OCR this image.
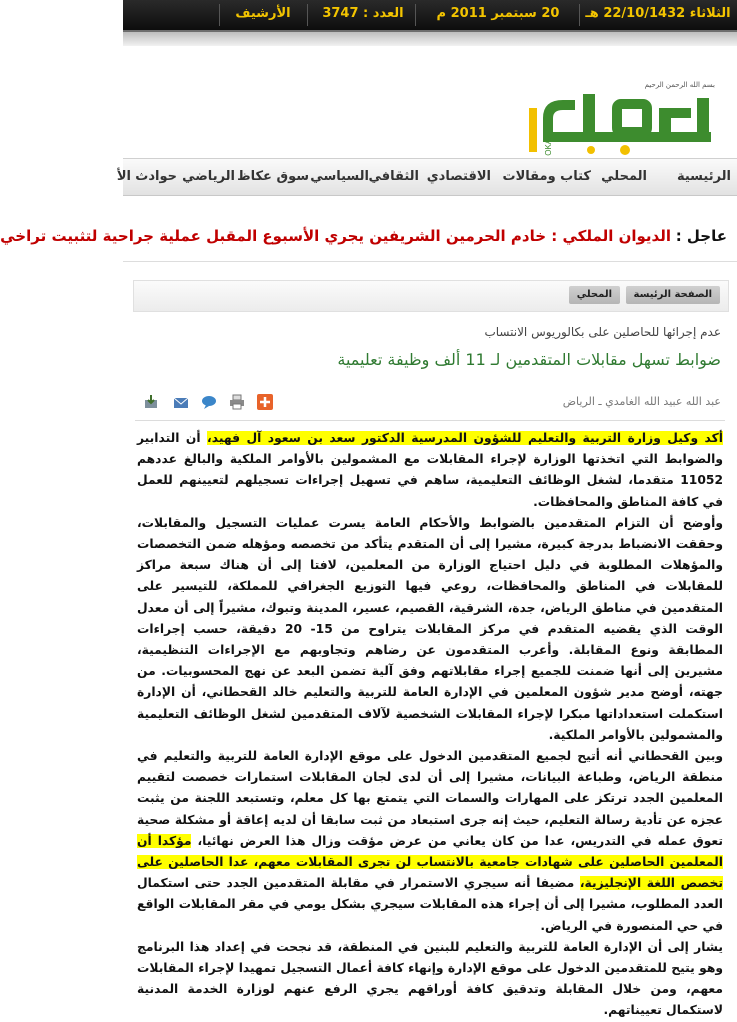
الثلاثاء 22/10/1432 هـ
20 سبتمبر 2011 م
العدد : 3747
الأرشيف
بسم الله الرحمن الرحيم
OKAZ
الرئيسية
المحلي
كتاب ومقالات
الاقتصادي
الثقافي
السياسي
سوق عكاظ
الرياضي
حوادث
الأ
عاجل :
الديوان الملكي : خادم الحرمين الشريفين يجري الأسبوع المقبل عملية جراحية لتثبيت تراخي
الصفحة الرئيسة
المحلي
عدم إجرائها للحاصلين على بكالوريوس الانتساب
ضوابط تسهل مقابلات المتقدمين لـ 11 ألف وظيفة تعليمية
عبد الله عبيد الله الغامدي ـ الرياض

أكد وكيل وزارة التربية والتعليم للشؤون المدرسية الدكتور سعد بن سعود آل فهيد، أن التدابير والضوابط التي اتخذتها الوزارة لإجراء المقابلات مع المشمولين بالأوامر الملكية والبالغ عددهم 11052 متقدما، لشغل الوظائف التعليمية، ساهم في تسهيل إجراءات تسجيلهم لتعيينهم للعمل في كافة المناطق والمحافظات.

وأوضح أن التزام المتقدمين بالضوابط والأحكام العامة يسرت عمليات التسجيل والمقابلات، وحققت الانضباط بدرجة كبيرة، مشيرا إلى أن المتقدم يتأكد من تخصصه ومؤهله ضمن التخصصات والمؤهلات المطلوبة في دليل احتياج الوزارة من المعلمين، لافتا إلى أن هناك سبعة مراكز للمقابلات في المناطق والمحافظات، روعي فيها التوزيع الجغرافي للمملكة، للتيسير على المتقدمين في مناطق الرياض، جدة، الشرقية، القصيم، عسير، المدينة وتبوك، مشيراً إلى أن معدل الوقت الذي يقضيه المتقدم في مركز المقابلات يتراوح من 15- 20 دقيقة، حسب إجراءات المطابقة ونوع المقابلة. وأعرب المتقدمون عن رضاهم وتجاوبهم مع الإجراءات التنظيمية، مشيرين إلى أنها ضمنت للجميع إجراء مقابلاتهم وفق آلية تضمن البعد عن نهج المحسوبيات. من جهته، أوضح مدير شؤون المعلمين في الإدارة العامة للتربية والتعليم خالد القحطاني، أن الإدارة استكملت استعداداتها مبكرا لإجراء المقابلات الشخصية لآلاف المتقدمين لشغل الوظائف التعليمية والمشمولين بالأوامر الملكية.

وبين القحطاني أنه أتيح لجميع المتقدمين الدخول على موقع الإدارة العامة للتربية والتعليم في منطقة الرياض، وطباعة البيانات، مشيرا إلى أن لدى لجان المقابلات استمارات خصصت لتقييم المعلمين الجدد ترتكز على المهارات والسمات التي يتمتع بها كل معلم، وتستبعد اللجنة من يثبت عجزه عن تأدية رسالة التعليم، حيث إنه جرى استبعاد من ثبت سابقا أن لديه إعاقة أو مشكلة صحية تعوق عمله في التدريس، عدا من كان يعاني من عرض مؤقت وزال هذا العرض نهائيا، مؤكدا أن المعلمين الحاصلين على شهادات جامعية بالانتساب لن تجرى المقابلات معهم، عدا الحاصلين على تخصص اللغة الإنجليزية، مضيفا أنه سيجري الاستمرار في مقابلة المتقدمين الجدد حتى استكمال العدد المطلوب، مشيرا إلى أن إجراء هذه المقابلات سيجري بشكل يومي في مقر المقابلات الواقع في حي المنصورة في الرياض.

يشار إلى أن الإدارة العامة للتربية والتعليم للبنين في المنطقة، قد نجحت في إعداد هذا البرنامج وهو يتيح للمتقدمين الدخول على موقع الإدارة وإنهاء كافة أعمال التسجيل تمهيدا لإجراء المقابلات معهم، ومن خلال المقابلة وتدقيق كافة أوراقهم يجري الرفع عنهم لوزارة الخدمة المدنية لاستكمال تعييناتهم.
